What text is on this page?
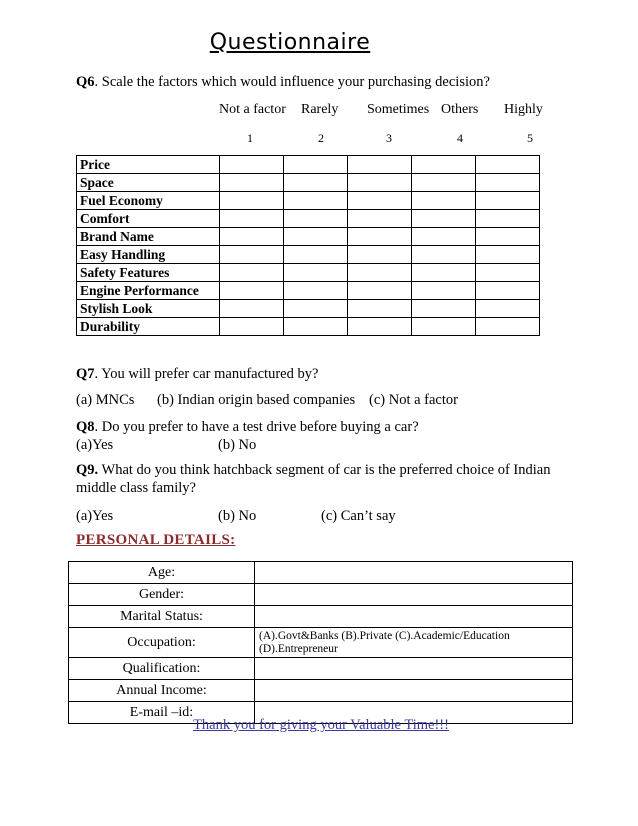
Questionnaire
Q6. Scale the factors which would influence your purchasing decision?
Not a factor Rarely Sometimes Others Highly
1	2	3	4	5
Price					
Space					
Fuel Economy					
Comfort					
Brand Name					
Easy Handling					
Safety Features					
Engine Performance					
Stylish Look					
Durability					
Q7. You will prefer car manufactured by?
(a) MNCs (b) Indian origin based companies (c) Not a factor
Q8. Do you prefer to have a test drive before buying a car?
(a)Yes	(b) No
Q9. What do you think hatchback segment of car is the preferred choice of Indian
middle class family?
(a)Yes	(b) No	(c) Can’t say
PERSONAL DETAILS:
Age:	
Gender:	
Marital Status:	
Occupation:	(A).Govt&Banks (B).Private (C).Academic/Education
(D).Entrepreneur

Qualification:	
Annual Income:	
E-mail –id:	
Thank you for giving your Valuable Time!!!
